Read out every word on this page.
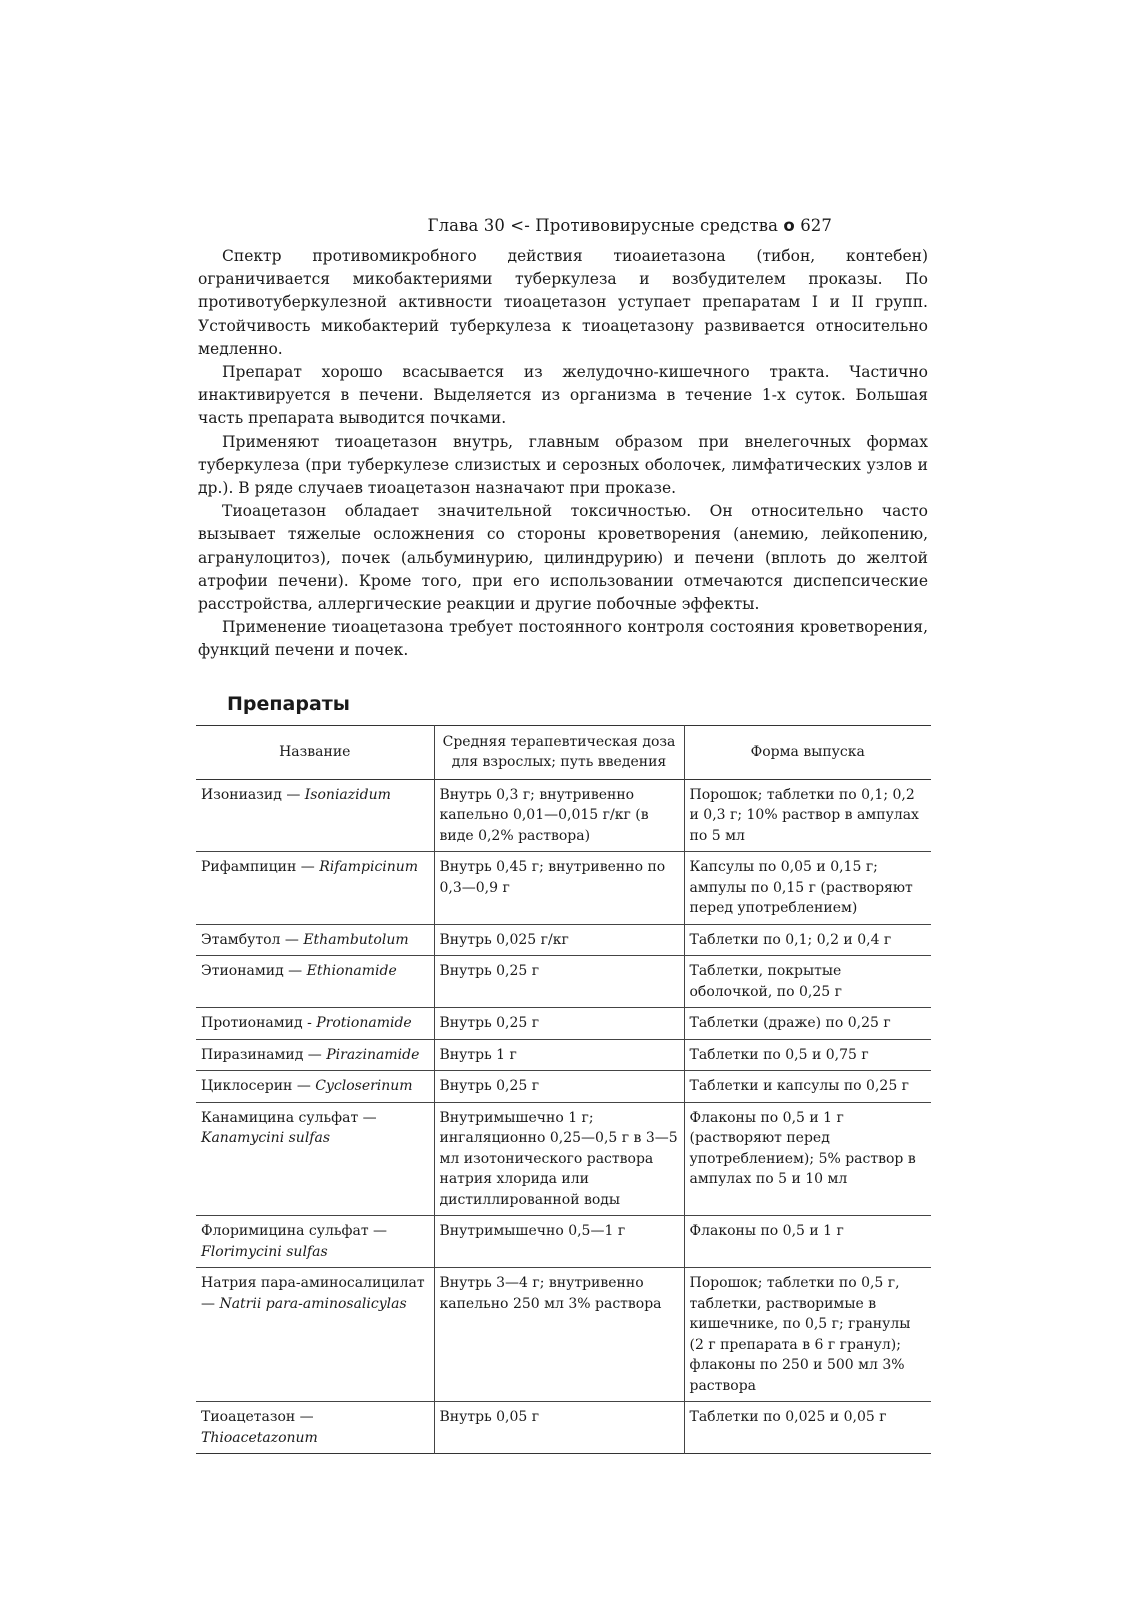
Глава 30 <- Противовирусные средства o 627

Спектр противомикробного действия тиоаиетазона (тибон, контебен) ограничивается микобактериями туберкулеза и возбудителем проказы. По противотуберкулезной активности тиоацетазон уступает препаратам I и II групп. Устойчивость микобактерий туберкулеза к тиоацетазону развивается относительно медленно.

Препарат хорошо всасывается из желудочно-кишечного тракта. Частично инактивируется в печени. Выделяется из организма в течение 1-х суток. Большая часть препарата выводится почками.

Применяют тиоацетазон внутрь, главным образом при внелегочных формах туберкулеза (при туберкулезе слизистых и серозных оболочек, лимфатических узлов и др.). В ряде случаев тиоацетазон назначают при проказе.

Тиоацетазон обладает значительной токсичностью. Он относительно часто вызывает тяжелые осложнения со стороны кроветворения (анемию, лейкопению, агранулоцитоз), почек (альбуминурию, цилиндрурию) и печени (вплоть до желтой атрофии печени). Кроме того, при его использовании отмечаются диспепсические расстройства, аллергические реакции и другие побочные эффекты.

Применение тиоацетазона требует постоянного контроля состояния кроветворения, функций печени и почек.

Препараты
Название	Средняя терапевтическая доза для взрослых; путь введения	Форма выпуска
Изониазид — Isoniazidum	Внутрь 0,3 г; внутривенно капельно 0,01—0,015 г/кг (в виде 0,2% раствора)	Порошок; таблетки по 0,1; 0,2 и 0,3 г; 10% раствор в ампулах по 5 мл
Рифампицин — Rifampicinum	Внутрь 0,45 г; внутривенно по 0,3—0,9 г	Капсулы по 0,05 и 0,15 г; ампулы по 0,15 г (растворяют перед употреблением)
Этамбутол — Ethambutolum	Внутрь 0,025 г/кг	Таблетки по 0,1; 0,2 и 0,4 г
Этионамид — Ethionamide	Внутрь 0,25 г	Таблетки, покрытые оболочкой, по 0,25 г
Протионамид - Protionamide	Внутрь 0,25 г	Таблетки (драже) по 0,25 г
Пиразинамид — Pirazinamide	Внутрь 1 г	Таблетки по 0,5 и 0,75 г
Циклосерин — Cycloserinum	Внутрь 0,25 г	Таблетки и капсулы по 0,25 г
Канамицина сульфат — Kanamycini sulfas	Внутримышечно 1 г; ингаляционно 0,25—0,5 г в 3—5 мл изотонического раствора натрия хлорида или дистиллированной воды	Флаконы по 0,5 и 1 г (растворяют перед употреблением); 5% раствор в ампулах по 5 и 10 мл
Флоримицина сульфат — Florimycini sulfas	Внутримышечно 0,5—1 г	Флаконы по 0,5 и 1 г
Натрия пара-аминосалицилат — Natrii para-aminosalicylas	Внутрь 3—4 г; внутривенно капельно 250 мл 3% раствора	Порошок; таблетки по 0,5 г, таблетки, растворимые в кишечнике, по 0,5 г; гранулы (2 г препарата в 6 г гранул); флаконы по 250 и 500 мл 3% раствора
Тиоацетазон — Thioacetazonum	Внутрь 0,05 г	Таблетки по 0,025 и 0,05 г
